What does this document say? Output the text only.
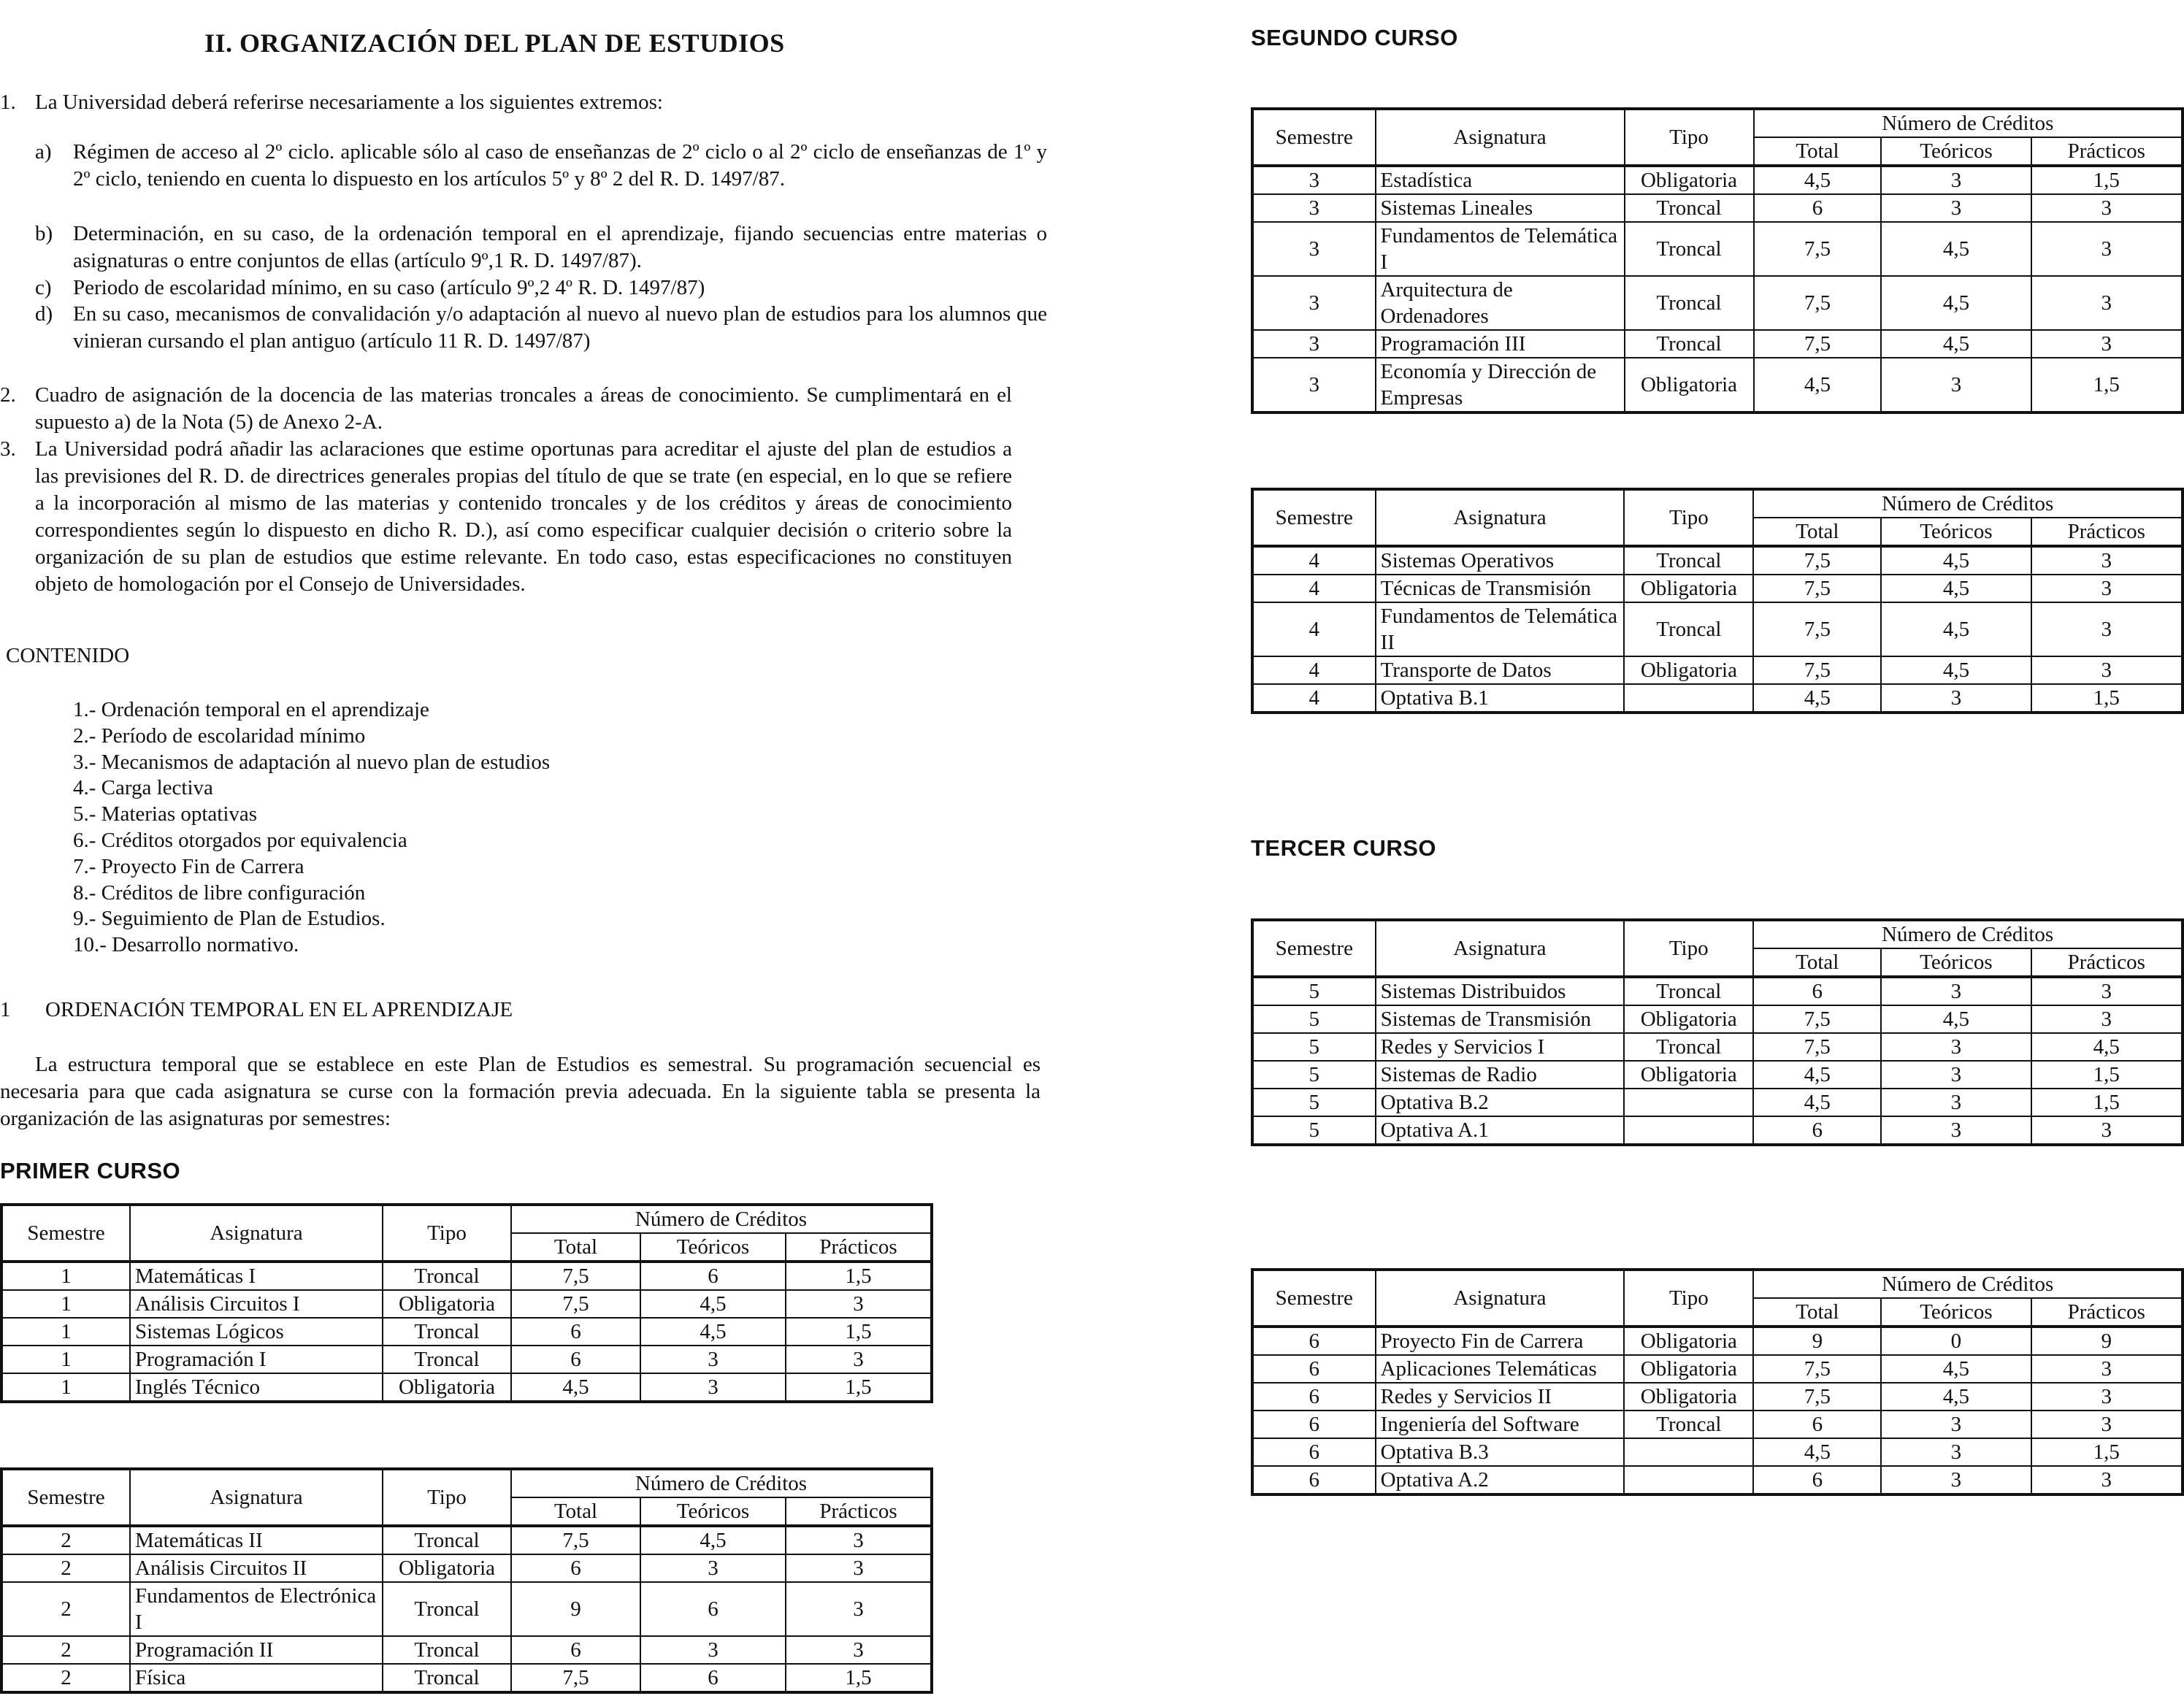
II. ORGANIZACIÓN DEL PLAN DE ESTUDIOS
1. La Universidad deberá referirse necesariamente a los siguientes extremos:
a) Régimen de acceso al 2º ciclo. aplicable sólo al caso de enseñanzas de 2º ciclo o al 2º ciclo de enseñanzas de 1º y 2º ciclo, teniendo en cuenta lo dispuesto en los artículos 5º y 8º 2 del R. D. 1497/87.
b) Determinación, en su caso, de la ordenación temporal en el aprendizaje, fijando secuencias entre materias o asignaturas o entre conjuntos de ellas (artículo 9º,1 R. D. 1497/87).
c) Periodo de escolaridad mínimo, en su caso (artículo 9º,2 4º R. D. 1497/87)
d) En su caso, mecanismos de convalidación y/o adaptación al nuevo al nuevo plan de estudios para los alumnos que vinieran cursando el plan antiguo (artículo 11 R. D. 1497/87)
2. Cuadro de asignación de la docencia de las materias troncales a áreas de conocimiento. Se cumplimentará en el supuesto a) de la Nota (5) de Anexo 2-A.
3. La Universidad podrá añadir las aclaraciones que estime oportunas para acreditar el ajuste del plan de estudios a las previsiones del R. D. de directrices generales propias del título de que se trate (en especial, en lo que se refiere a la incorporación al mismo de las materias y contenido troncales y de los créditos y áreas de conocimiento correspondientes según lo dispuesto en dicho R. D.), así como especificar cualquier decisión o criterio sobre la organización de su plan de estudios que estime relevante. En todo caso, estas especificaciones no constituyen objeto de homologación por el Consejo de Universidades.
CONTENIDO
1.- Ordenación temporal en el aprendizaje
2.- Período de escolaridad mínimo
3.- Mecanismos de adaptación al nuevo plan de estudios
4.- Carga lectiva
5.- Materias optativas
6.- Créditos otorgados por equivalencia
7.- Proyecto Fin de Carrera
8.- Créditos de libre configuración
9.- Seguimiento de Plan de Estudios.
10.- Desarrollo normativo.
1 ORDENACIÓN TEMPORAL EN EL APRENDIZAJE
La estructura temporal que se establece en este Plan de Estudios es semestral. Su programación secuencial es necesaria para que cada asignatura se curse con la formación previa adecuada. En la siguiente tabla se presenta la organización de las asignaturas por semestres:
PRIMER CURSO
SEGUNDO CURSO
TERCER CURSO
Semestre	Asignatura	Tipo	Número de Créditos		
			Total	Teóricos	Prácticos
1	Matemáticas I	Troncal	7,5	6	1,5
1	Análisis Circuitos I	Obligatoria	7,5	4,5	3
1	Sistemas Lógicos	Troncal	6	4,5	1,5
1	Programación I	Troncal	6	3	3
1	Inglés Técnico	Obligatoria	4,5	3	1,5
Semestre	Asignatura	Tipo	Número de Créditos		
			Total	Teóricos	Prácticos
2	Matemáticas II	Troncal	7,5	4,5	3
2	Análisis Circuitos II	Obligatoria	6	3	3
2	Fundamentos de Electrónica I	Troncal	9	6	3
2	Programación II	Troncal	6	3	3
2	Física	Troncal	7,5	6	1,5
Semestre	Asignatura	Tipo	Número de Créditos		
			Total	Teóricos	Prácticos
3	Estadística	Obligatoria	4,5	3	1,5
3	Sistemas Lineales	Troncal	6	3	3
3	Fundamentos de Telemática I	Troncal	7,5	4,5	3
3	Arquitectura de Ordenadores	Troncal	7,5	4,5	3
3	Programación III	Troncal	7,5	4,5	3
3	Economía y Dirección de Empresas	Obligatoria	4,5	3	1,5
Semestre	Asignatura	Tipo	Número de Créditos		
			Total	Teóricos	Prácticos
4	Sistemas Operativos	Troncal	7,5	4,5	3
4	Técnicas de Transmisión	Obligatoria	7,5	4,5	3
4	Fundamentos de Telemática II	Troncal	7,5	4,5	3
4	Transporte de Datos	Obligatoria	7,5	4,5	3
4	Optativa B.1		4,5	3	1,5
Semestre	Asignatura	Tipo	Número de Créditos		
			Total	Teóricos	Prácticos
5	Sistemas Distribuidos	Troncal	6	3	3
5	Sistemas de Transmisión	Obligatoria	7,5	4,5	3
5	Redes y Servicios I	Troncal	7,5	3	4,5
5	Sistemas de Radio	Obligatoria	4,5	3	1,5
5	Optativa B.2		4,5	3	1,5
5	Optativa A.1		6	3	3
Semestre	Asignatura	Tipo	Número de Créditos		
			Total	Teóricos	Prácticos
6	Proyecto Fin de Carrera	Obligatoria	9	0	9
6	Aplicaciones Telemáticas	Obligatoria	7,5	4,5	3
6	Redes y Servicios II	Obligatoria	7,5	4,5	3
6	Ingeniería del Software	Troncal	6	3	3
6	Optativa B.3		4,5	3	1,5
6	Optativa A.2		6	3	3
